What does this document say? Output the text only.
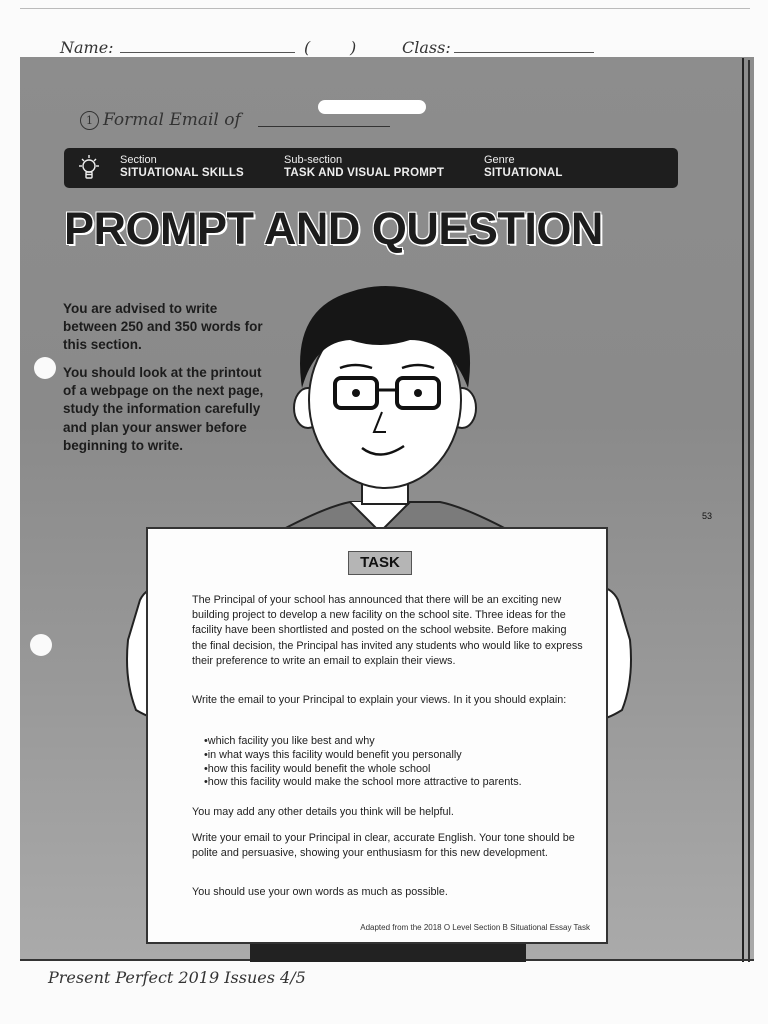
Name:	( )	Class:
1 Formal Email of
Section
SITUATIONAL SKILLS
Sub-section
TASK AND VISUAL PROMPT
Genre
SITUATIONAL
PROMPT AND QUESTION
You are advised to write between 250 and 350 words for this section.
You should look at the printout of a webpage on the next page, study the information carefully and plan your answer before beginning to write.
53
TASK
The Principal of your school has announced that there will be an exciting new building project to develop a new facility on the school site. Three ideas for the facility have been shortlisted and posted on the school website. Before making the final decision, the Principal has invited any students who would like to express their preference to write an email to explain their views.
Write the email to your Principal to explain your views. In it you should explain:
• which facility you like best and why
• in what ways this facility would benefit you personally
• how this facility would benefit the whole school
• how this facility would make the school more attractive to parents.
You may add any other details you think will be helpful.
Write your email to your Principal in clear, accurate English. Your tone should be polite and persuasive, showing your enthusiasm for this new development.
You should use your own words as much as possible.
Adapted from the 2018 O Level Section B Situational Essay Task
Present Perfect 2019 Issues 4/5
